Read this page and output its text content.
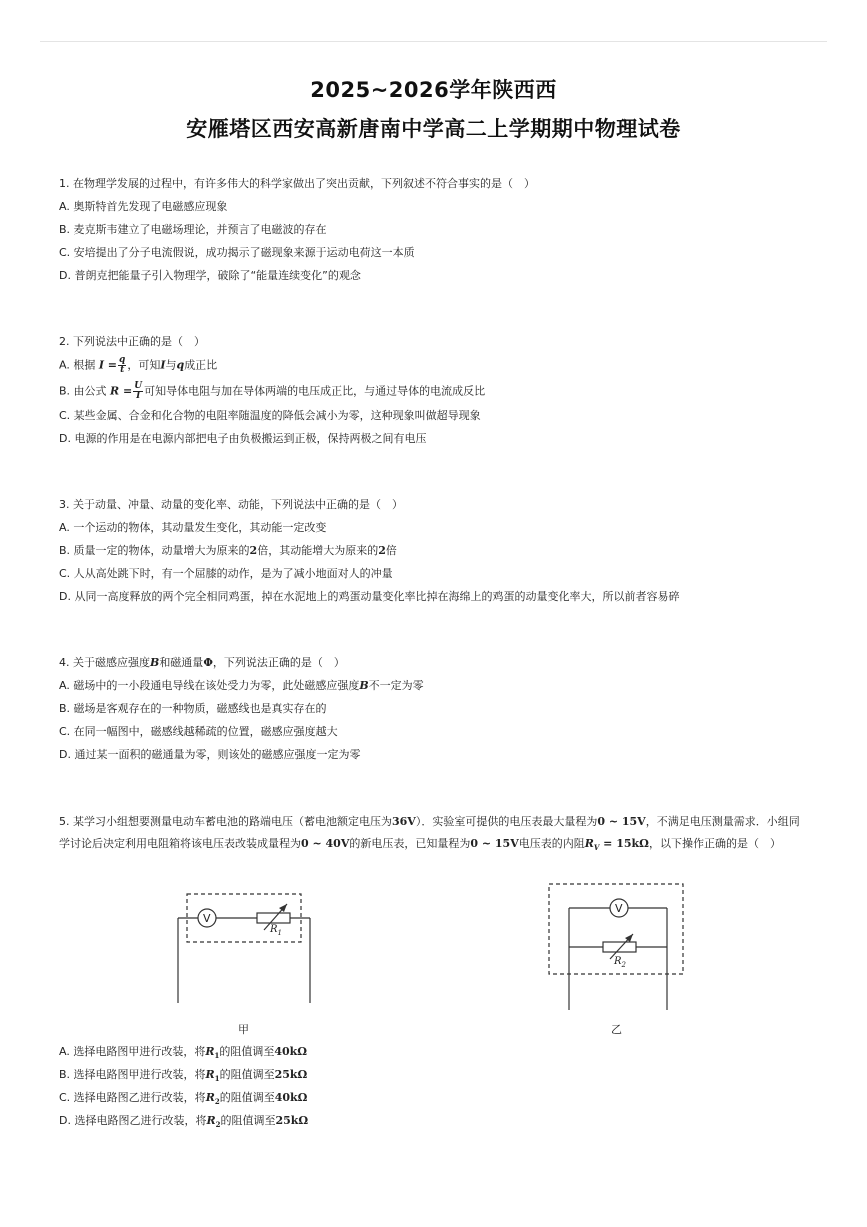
2025~2026学年陕西西
安雁塔区西安高新唐南中学高二上学期期中物理试卷
1. 在物理学发展的过程中，有许多伟大的科学家做出了突出贡献，下列叙述不符合事实的是（　）
A. 奥斯特首先发现了电磁感应现象
B. 麦克斯韦建立了电磁场理论，并预言了电磁波的存在
C. 安培提出了分子电流假说，成功揭示了磁现象来源于运动电荷这一本质
D. 普朗克把能量子引入物理学，破除了“能量连续变化”的观念
2. 下列说法中正确的是（　）
A. 根据 $I = \frac{q}{t}$ ，可知I与q成正比
B. 由公式 $R = \frac{U}{I}$ 可知导体电阻与加在导体两端的电压成正比，与通过导体的电流成反比
C. 某些金属、合金和化合物的电阻率随温度的降低会减小为零，这种现象叫做超导现象
D. 电源的作用是在电源内部把电子由负极搬运到正极，保持两极之间有电压
3. 关于动量、冲量、动量的变化率、动能，下列说法中正确的是（　）
A. 一个运动的物体，其动量发生变化，其动能一定改变
B. 质量一定的物体，动量增大为原来的2倍，其动能增大为原来的2倍
C. 人从高处跳下时，有一个屈膝的动作，是为了减小地面对人的冲量
D. 从同一高度释放的两个完全相同鸡蛋，掉在水泥地上的鸡蛋动量变化率比掉在海绵上的鸡蛋的动量变化率大，所以前者容易碎
4. 关于磁感应强度B和磁通量Φ，下列说法正确的是（　）
A. 磁场中的一小段通电导线在该处受力为零，此处磁感应强度B不一定为零
B. 磁场是客观存在的一种物质，磁感线也是真实存在的
C. 在同一幅图中，磁感线越稀疏的位置，磁感应强度越大
D. 通过某一面积的磁通量为零，则该处的磁感应强度一定为零
5. 某学习小组想要测量电动车蓄电池的路端电压（蓄电池额定电压为36V）．实验室可提供的电压表最大量程为0 ~ 15V，不满足电压测量需求．小组同学讨论后决定利用电阻箱将该电压表改装成量程为0 ~ 40V的新电压表，已知量程为0 ~ 15V电压表的内阻$R_V = 15k\Omega$，以下操作正确的是（　）
V
$R_1$
甲
V
$R_2$
乙
A. 选择电路图甲进行改装，将$R_1$的阻值调至40kΩ
B. 选择电路图甲进行改装，将$R_1$的阻值调至25kΩ
C. 选择电路图乙进行改装，将$R_2$的阻值调至40kΩ
D. 选择电路图乙进行改装，将$R_2$的阻值调至25kΩ
